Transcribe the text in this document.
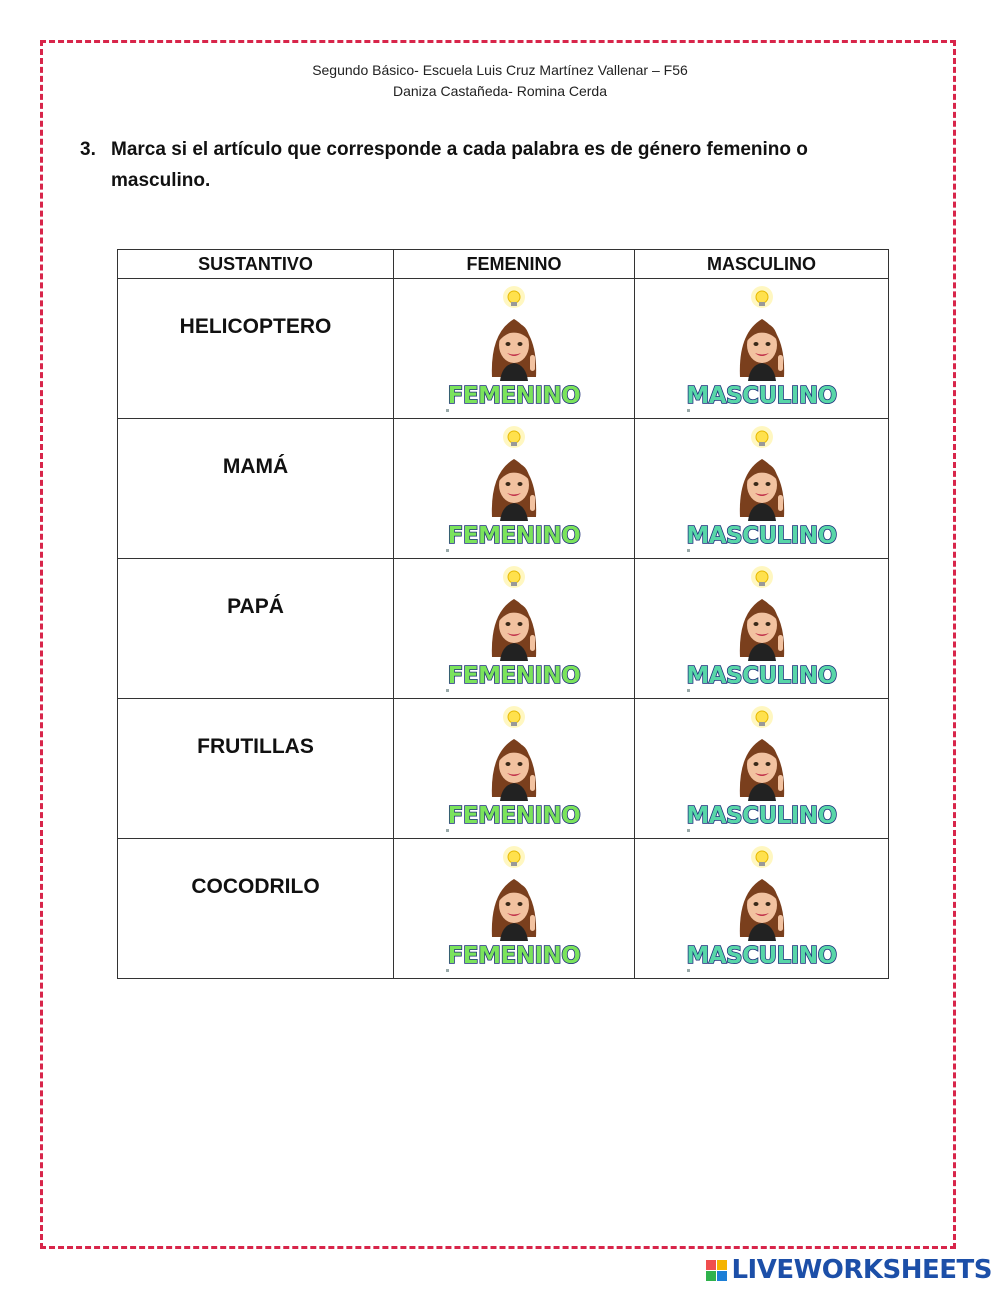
Segundo Básico- Escuela Luis Cruz Martínez Vallenar – F56
Daniza Castañeda- Romina Cerda
3. Marca si el artículo que corresponde a cada palabra es de género femenino o masculino.
SUSTANTIVO	FEMENINO	MASCULINO

HELICOPTERO	FEMENINO	MASCULINO

MAMÁ	FEMENINO	MASCULINO

PAPÁ	FEMENINO	MASCULINO

FRUTILLAS	FEMENINO	MASCULINO

COCODRILO	FEMENINO	MASCULINO
LIVEWORKSHEETS
